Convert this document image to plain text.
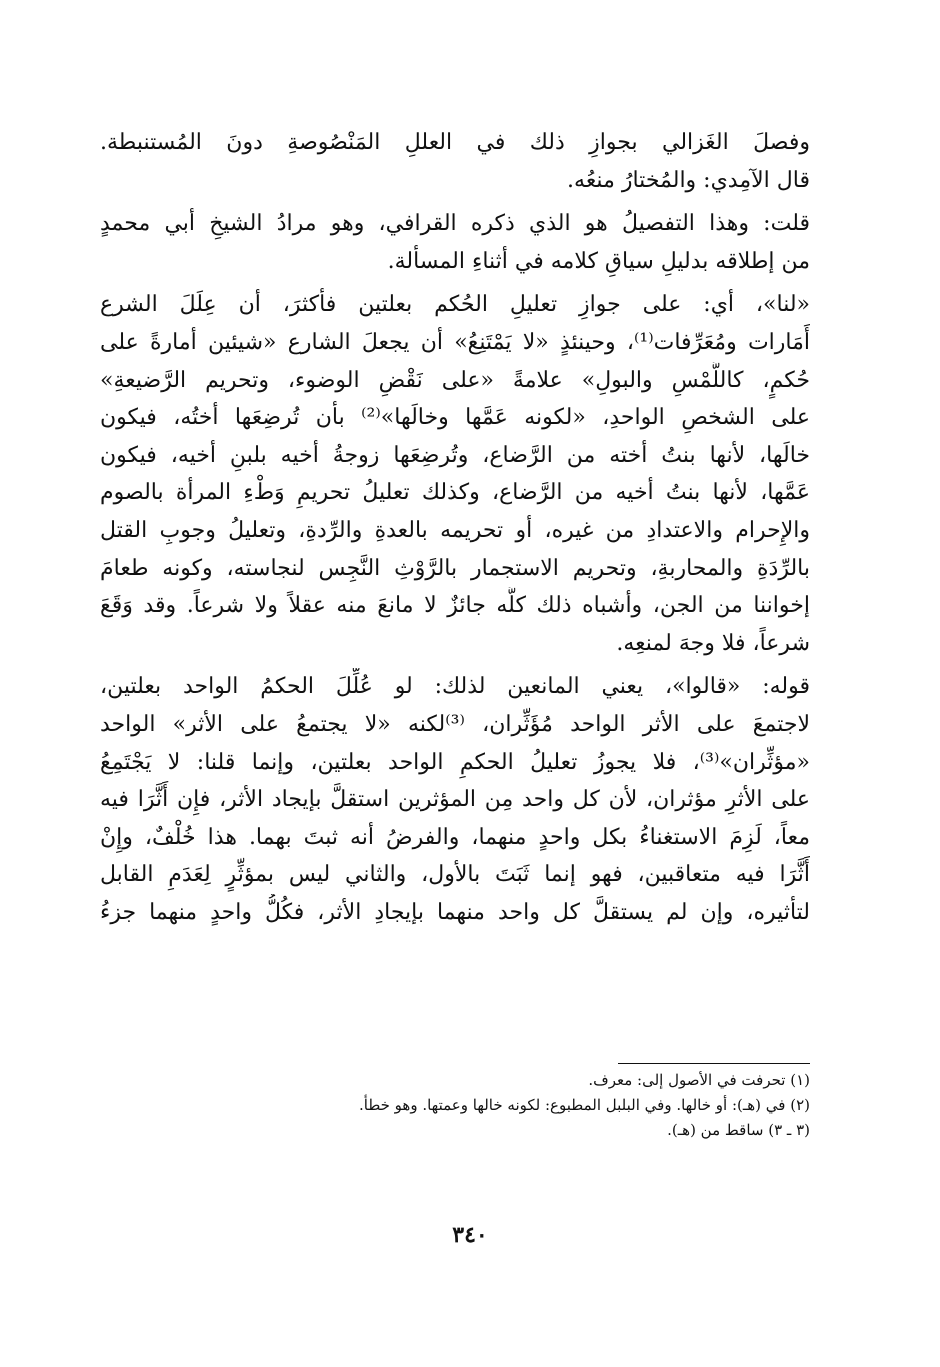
وفصلَ الغَزالي بجوازِ ذلك في العللِ المَنْصُوصةِ دونَ المُستنبطة.
قال الآمِدي: والمُختارُ منعُه.
قلت: وهذا التفصيلُ هو الذي ذكره القرافي، وهو مرادُ الشيخِ أبي محمدٍ
من إطلاقه بدليلِ سياقِ كلامه في أثناءِ المسألة.
«لنا»، أي: على جوازِ تعليلِ الحُكم بعلتين فأكثرَ، أن عِلَلَ الشرع
أَمَارات ومُعَرِّفات⁽¹⁾، وحينئذٍ «لا يَمْتَنِعُ» أن يجعلَ الشارع «شيئين أمارةً على
حُكمٍ، كاللَّمْسِ والبولِ» علامةً «على نَقْضِ الوضوء، وتحريم الرَّضيعةِ»
على الشخصِ الواحدِ، «لكونه عَمَّها وخالَها»⁽²⁾ بأن تُرضِعَها أختُه، فيكون
خالَها، لأنها بنتُ أخته من الرَّضاع، وتُرضِعَها زوجةُ أخيه بلبنِ أخيه، فيكون
عَمَّها، لأنها بنتُ أخيه من الرَّضاع، وكذلك تعليلُ تحريمِ وَطْءِ المرأة بالصوم
والإِحرام والاعتدادِ من غيره، أو تحريمه بالعدةِ والرِّدةِ، وتعليلُ وجوبِ القتل
بالرِّدَةِ والمحاربةِ، وتحريم الاستجمار بالرَّوْثِ النَّجِس لنجاسته، وكونه طعامَ
إخواننا من الجن، وأشباه ذلك كلُّه جائزٌ لا مانعَ منه عقلاً ولا شرعاً. وقد وَقَعَ
شرعاً، فلا وجهَ لمنعِه.
قوله: «قالوا»، يعني المانعين لذلك: لو عُلِّلَ الحكمُ الواحد بعلتين،
لاجتمعَ على الأثر الواحد مُؤَثِّران، ⁽³⁾لكنه «لا يجتمعُ على الأثر» الواحد
«مؤثِّران»⁽³⁾، فلا يجوزُ تعليلُ الحكمِ الواحد بعلتين، وإنما قلنا: لا يَجْتَمِعُ
على الأثرِ مؤثران، لأن كل واحد مِن المؤثرين استقلَّ بإيجاد الأثر، فإِن أَثَّرَا فيه
معاً، لَزِمَ الاستغناءُ بكل واحدٍ منهما، والفرضُ أنه ثبتَ بهما. هذا خُلْفٌ، وإِنْ
أَثَّرَا فيه متعاقبين، فهو إنما ثَبَتَ بالأول، والثاني ليس بمؤثِّرٍ لِعَدَمِ القابل
لتأثيره، وإن لم يستقلَّ كل واحد منهما بإيجادِ الأثر، فكُلُّ واحدٍ منهما جزءُ
(١) تحرفت في الأصول إلى: معرف.
(٢) في (هـ): أو خالها. وفي البلبل المطبوع: لكونه خالها وعمتها. وهو خطأ.
(٣ ـ ٣) ساقط من (هـ).
٣٤٠
